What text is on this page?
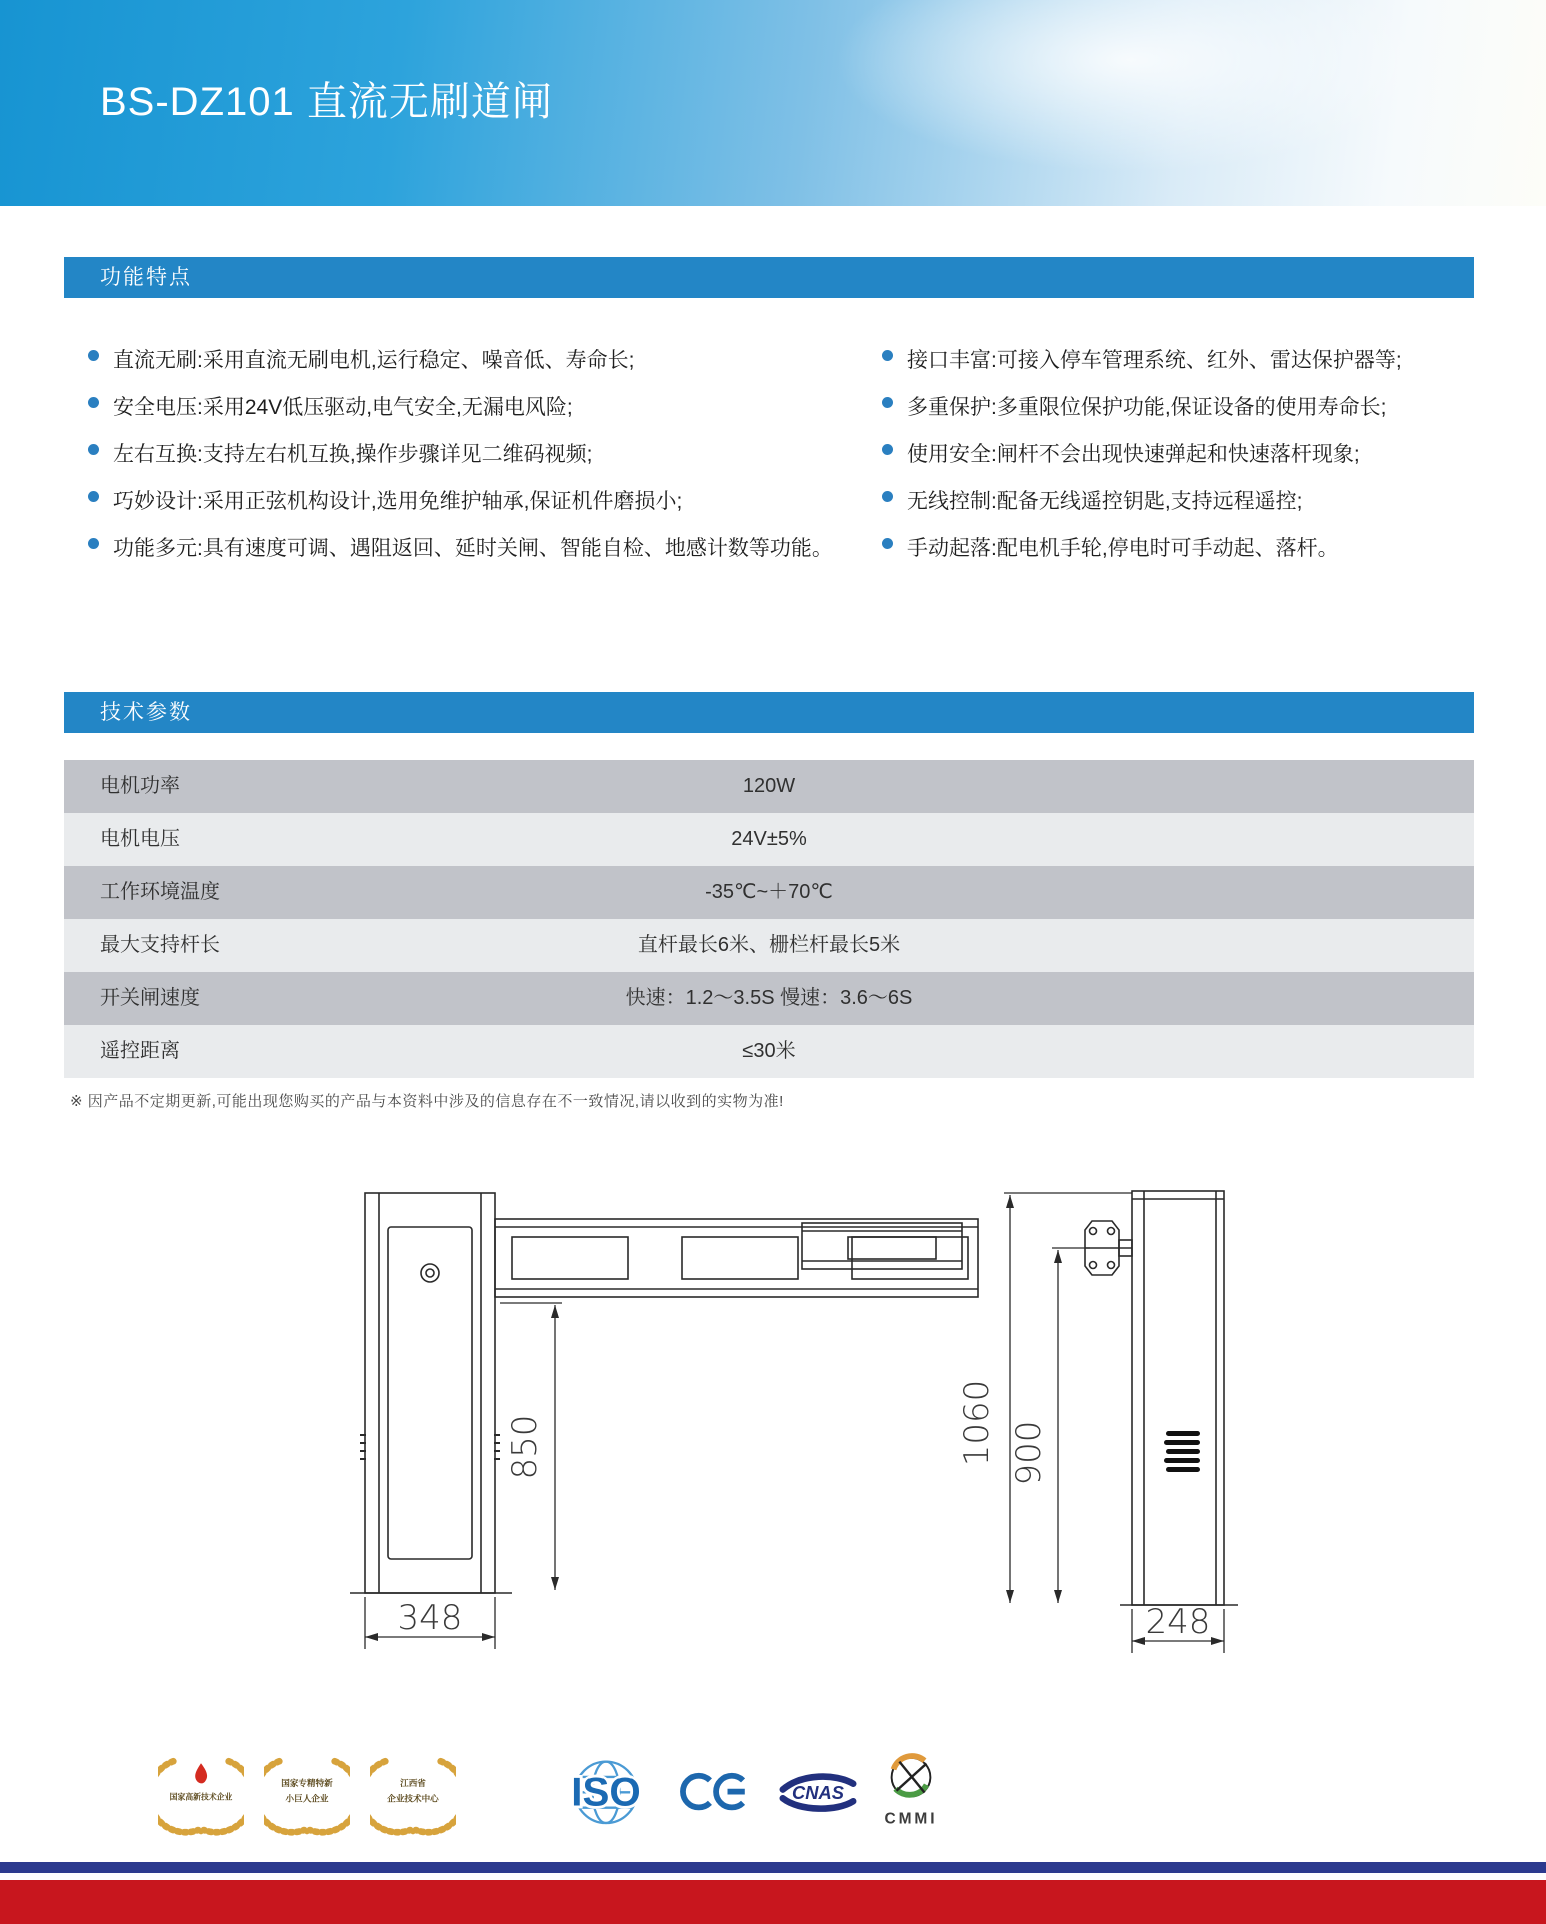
BS-DZ101 直流无刷道闸
功能特点
直流无刷:采用直流无刷电机,运行稳定、噪音低、寿命长;
安全电压:采用24V低压驱动,电气安全,无漏电风险;
左右互换:支持左右机互换,操作步骤详见二维码视频;
巧妙设计:采用正弦机构设计,选用免维护轴承,保证机件磨损小;
功能多元:具有速度可调、遇阻返回、延时关闸、智能自检、地感计数等功能。
接口丰富:可接入停车管理系统、红外、雷达保护器等;
多重保护:多重限位保护功能,保证设备的使用寿命长;
使用安全:闸杆不会出现快速弹起和快速落杆现象;
无线控制:配备无线遥控钥匙,支持远程遥控;
手动起落:配电机手轮,停电时可手动起、落杆。
技术参数
电机功率	120W
电机电压	24V±5%
工作环境温度	-35℃~＋70℃
最大支持杆长	直杆最长6米、栅栏杆最长5米
开关闸速度	快速：1.2～3.5S 慢速：3.6～6S
遥控距离	≤30米
※ 因产品不定期更新,可能出现您购买的产品与本资料中涉及的信息存在不一致情况,请以收到的实物为准!
850
348
1060 900
248
国家高新技术企业
国家专精特新
小巨人企业
江西省
企业技术中心	ISO	CNAS
CMMI
